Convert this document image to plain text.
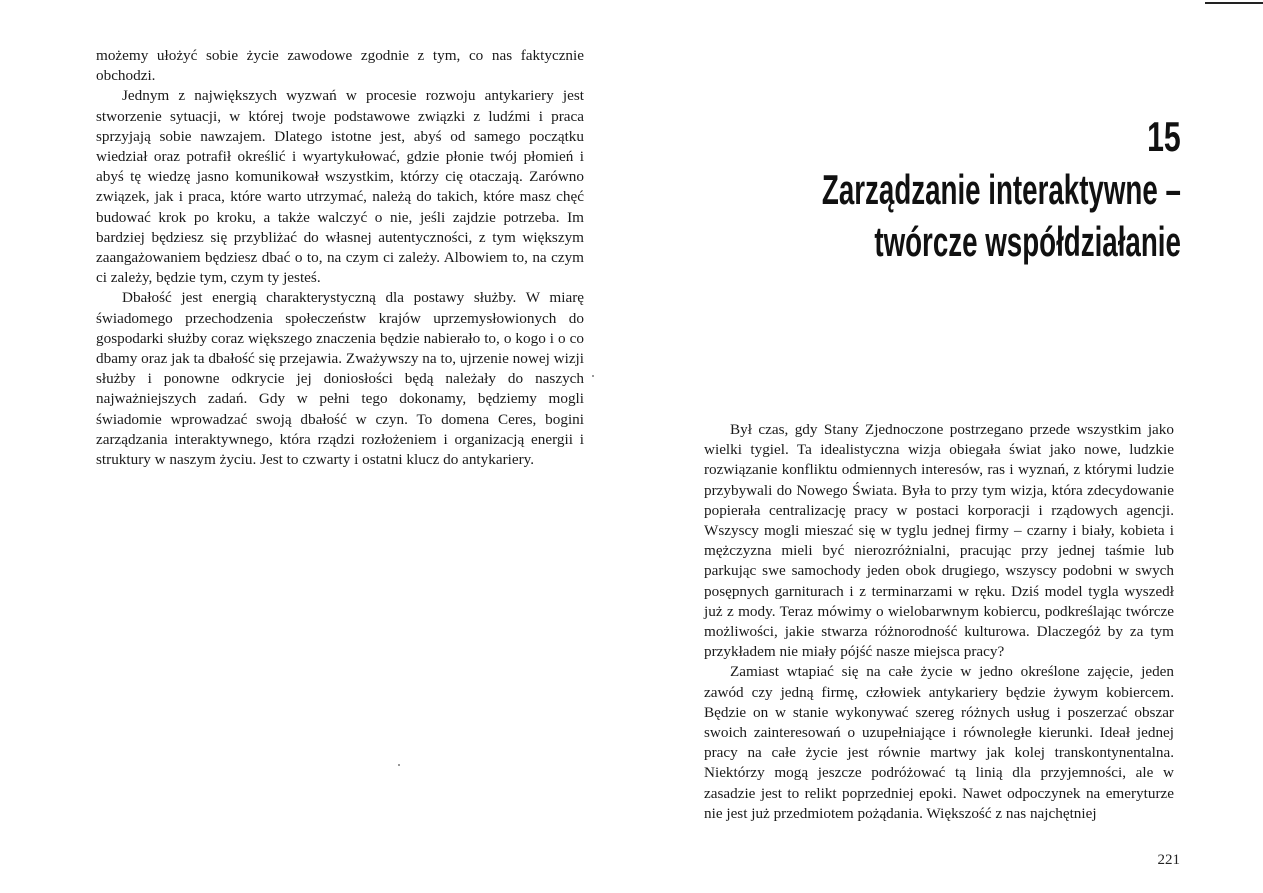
możemy ułożyć sobie życie zawodowe zgodnie z tym, co nas faktycznie obchodzi.

Jednym z największych wyzwań w procesie rozwoju antykariery jest stworzenie sytuacji, w której twoje podstawowe związki z ludźmi i praca sprzyjają sobie nawzajem. Dlatego istotne jest, abyś od samego początku wiedział oraz potrafił określić i wyartykułować, gdzie płonie twój płomień i abyś tę wiedzę jasno komunikował wszystkim, którzy cię otaczają. Zarówno związek, jak i praca, które warto utrzymać, należą do takich, które masz chęć budować krok po kroku, a także walczyć o nie, jeśli zajdzie potrzeba. Im bardziej będziesz się przybliżać do własnej autentyczności, z tym większym zaangażowaniem będziesz dbać o to, na czym ci zależy. Albowiem to, na czym ci zależy, będzie tym, czym ty jesteś.

Dbałość jest energią charakterystyczną dla postawy służby. W miarę świadomego przechodzenia społeczeństw krajów uprzemysłowionych do gospodarki służby coraz większego znaczenia będzie nabierało to, o kogo i o co dbamy oraz jak ta dbałość się przejawia. Zważywszy na to, ujrzenie nowej wizji służby i ponowne odkrycie jej doniosłości będą należały do naszych najważniejszych zadań. Gdy w pełni tego dokonamy, będziemy mogli świadomie wprowadzać swoją dbałość w czyn. To domena Ceres, bogini zarządzania interaktywnego, która rządzi rozłożeniem i organizacją energii i struktury w naszym życiu. Jest to czwarty i ostatni klucz do antykariery.

15
Zarządzanie interaktywne –
twórcze współdziałanie

Był czas, gdy Stany Zjednoczone postrzegano przede wszystkim jako wielki tygiel. Ta idealistyczna wizja obiegała świat jako nowe, ludzkie rozwiązanie konfliktu odmiennych interesów, ras i wyznań, z którymi ludzie przybywali do Nowego Świata. Była to przy tym wizja, która zdecydowanie popierała centralizację pracy w postaci korporacji i rządowych agencji. Wszyscy mogli mieszać się w tyglu jednej firmy – czarny i biały, kobieta i mężczyzna mieli być nierozróżnialni, pracując przy jednej taśmie lub parkując swe samochody jeden obok drugiego, wszyscy podobni w swych posępnych garniturach i z terminarzami w ręku. Dziś model tygla wyszedł już z mody. Teraz mówimy o wielobarwnym kobiercu, podkreślając twórcze możliwości, jakie stwarza różnorodność kulturowa. Dlaczegóż by za tym przykładem nie miały pójść nasze miejsca pracy?

Zamiast wtapiać się na całe życie w jedno określone zajęcie, jeden zawód czy jedną firmę, człowiek antykariery będzie żywym kobiercem. Będzie on w stanie wykonywać szereg różnych usług i poszerzać obszar swoich zainteresowań o uzupełniające i równoległe kierunki. Ideał jednej pracy na całe życie jest równie martwy jak kolej transkontynentalna. Niektórzy mogą jeszcze podróżować tą linią dla przyjemności, ale w zasadzie jest to relikt poprzedniej epoki. Nawet odpoczynek na emeryturze nie jest już przedmiotem pożądania. Większość z nas najchętniej

221
